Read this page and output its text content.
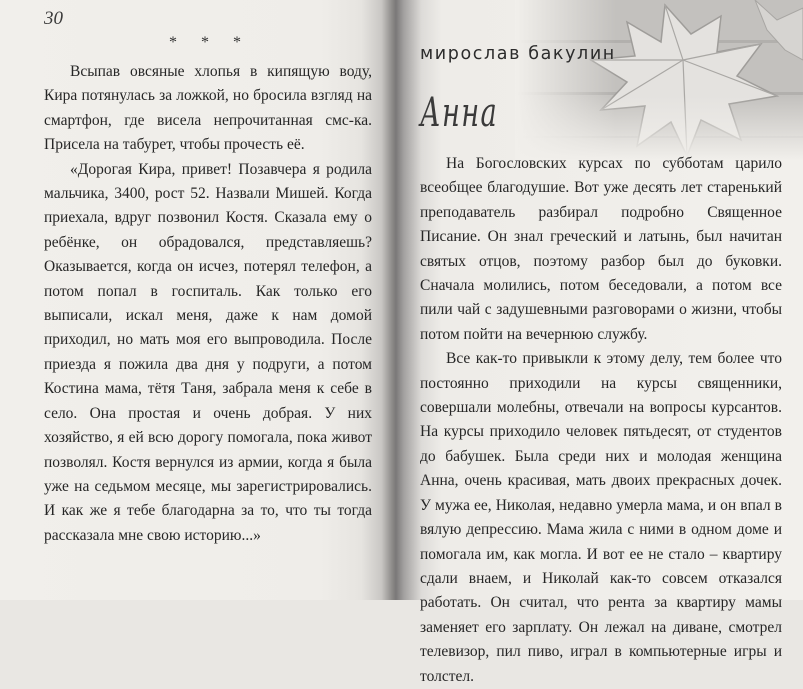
30
* * *

Всыпав овсяные хлопья в кипящую воду, Кира потянулась за ложкой, но бросила взгляд на смартфон, где висела непрочитанная смс-ка. Присела на табурет, чтобы прочесть её.

«Дорогая Кира, привет! Позавчера я родила мальчика, 3400, рост 52. Назвали Мишей. Когда приехала, вдруг позвонил Костя. Сказала ему о ребёнке, он обрадовался, представляешь? Оказывается, когда он исчез, потерял телефон, а потом попал в госпиталь. Как только его выписали, искал меня, даже к нам домой приходил, но мать моя его выпроводила. После приезда я пожила два дня у подруги, а потом Костина мама, тётя Таня, забрала меня к себе в село. Она простая и очень добрая. У них хозяйство, я ей всю дорогу помогала, пока живот позволял. Костя вернулся из армии, когда я была уже на седьмом месяце, мы зарегистрировались. И как же я тебе благодарна за то, что ты тогда рассказала мне свою историю...»

мирослав бакулин
Анна

На Богословских курсах по субботам царило всеобщее благодушие. Вот уже десять лет старенький преподаватель разбирал подробно Священное Писание. Он знал греческий и латынь, был начитан святых отцов, поэтому разбор был до буковки. Сначала молились, потом беседовали, а потом все пили чай с задушевными разговорами о жизни, чтобы потом пойти на вечернюю службу.

Все как-то привыкли к этому делу, тем более что постоянно приходили на курсы священники, совершали молебны, отвечали на вопросы курсантов. На курсы приходило человек пятьдесят, от студентов до бабушек. Была среди них и молодая женщина Анна, очень красивая, мать двоих прекрасных дочек. У мужа ее, Николая, недавно умерла мама, и он впал в вялую депрессию. Мама жила с ними в одном доме и помогала им, как могла. И вот ее не стало – квартиру сдали внаем, и Николай как-то совсем отказался работать. Он считал, что рента за квартиру мамы заменяет его зарплату. Он лежал на диване, смотрел телевизор, пил пиво, играл в компьютерные игры и толстел.
